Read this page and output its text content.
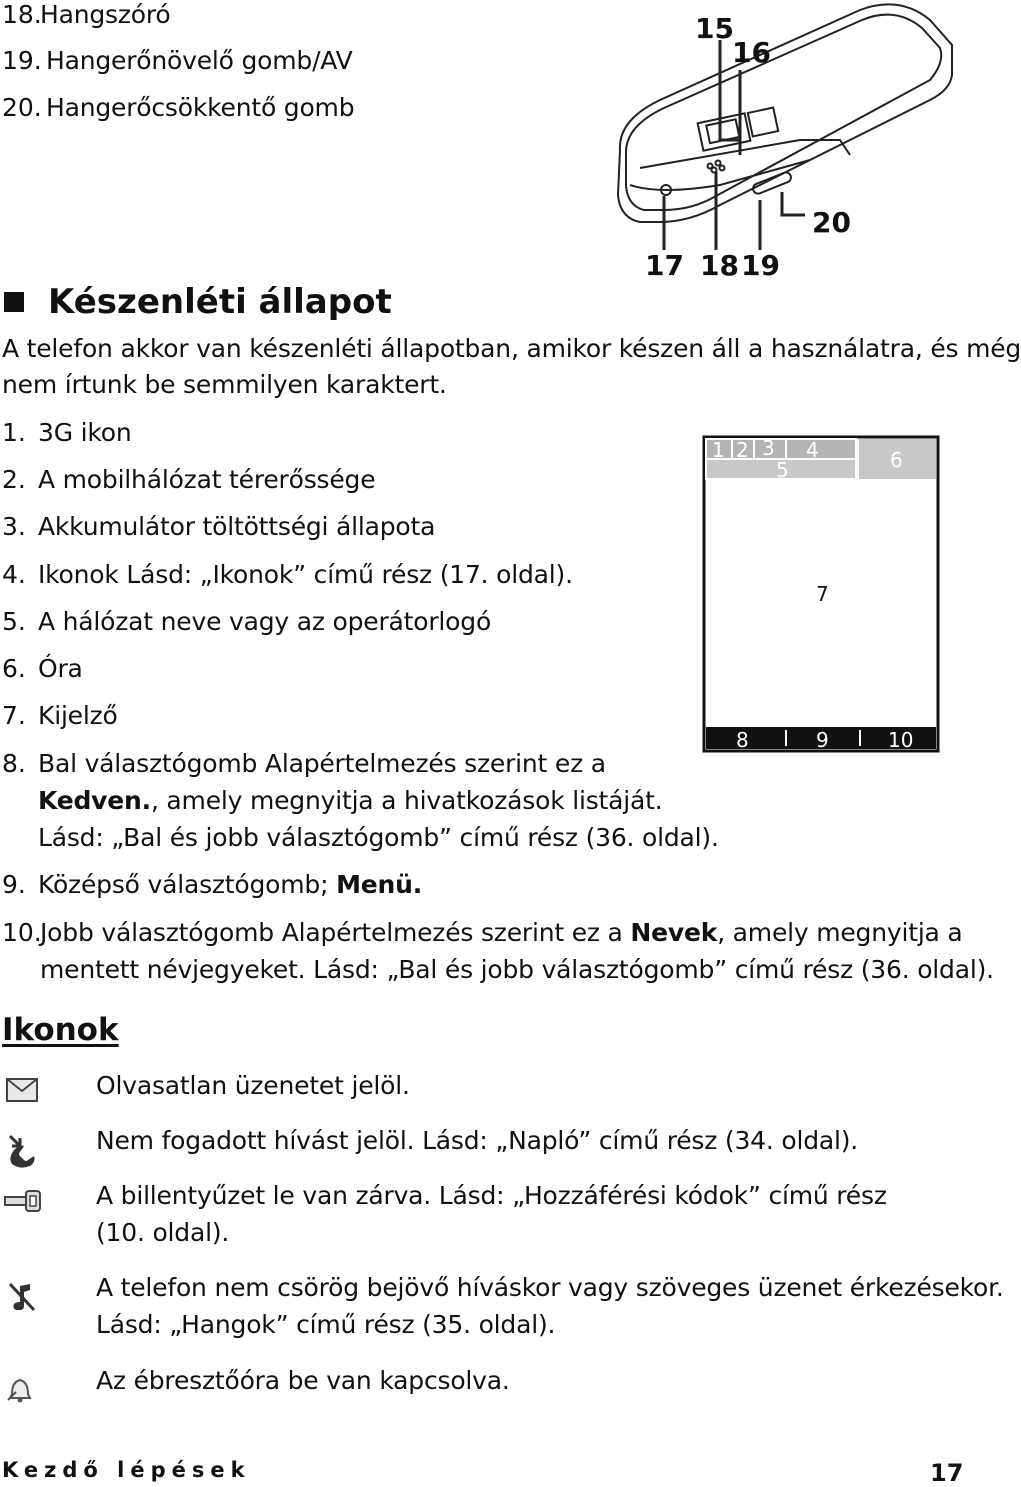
18.
Hangszóró
19. Hangerőnövelő gomb/AV
20. Hangerőcsökkentő gomb
15
16
20
17 18 19
Készenléti állapot
A telefon akkor van készenléti állapotban, amikor készen áll a használatra, és még
nem írtunk be semmilyen karaktert.
1. 3G ikon
2. A mobilhálózat térerőssége
3. Akkumulátor töltöttségi állapota
4. Ikonok Lásd: „Ikonok” című rész (17. oldal).
5. A hálózat neve vagy az operátorlogó
6. Óra
7. Kijelző
8. Bal választógomb Alapértelmezés szerint ez a
Kedven., amely megnyitja a hivatkozások listáját.
Lásd: „Bal és jobb választógomb” című rész (36. oldal).
9. Középső választógomb; Menü.
10.
Jobb választógomb Alapértelmezés szerint ez a Nevek, amely megnyitja a
mentett névjegyeket. Lásd: „Bal és jobb választógomb” című rész (36. oldal).
1 2 3 4
5	6
7
8	9	10
Ikonok
Olvasatlan üzenetet jelöl.
Nem fogadott hívást jelöl. Lásd: „Napló” című rész (34. oldal).
A billentyűzet le van zárva. Lásd: „Hozzáférési kódok” című rész
(10. oldal).
A telefon nem csörög bejövő híváskor vagy szöveges üzenet érkezésekor.
Lásd: „Hangok” című rész (35. oldal).
Az ébresztőóra be van kapcsolva.
Kezdő lépések	17
